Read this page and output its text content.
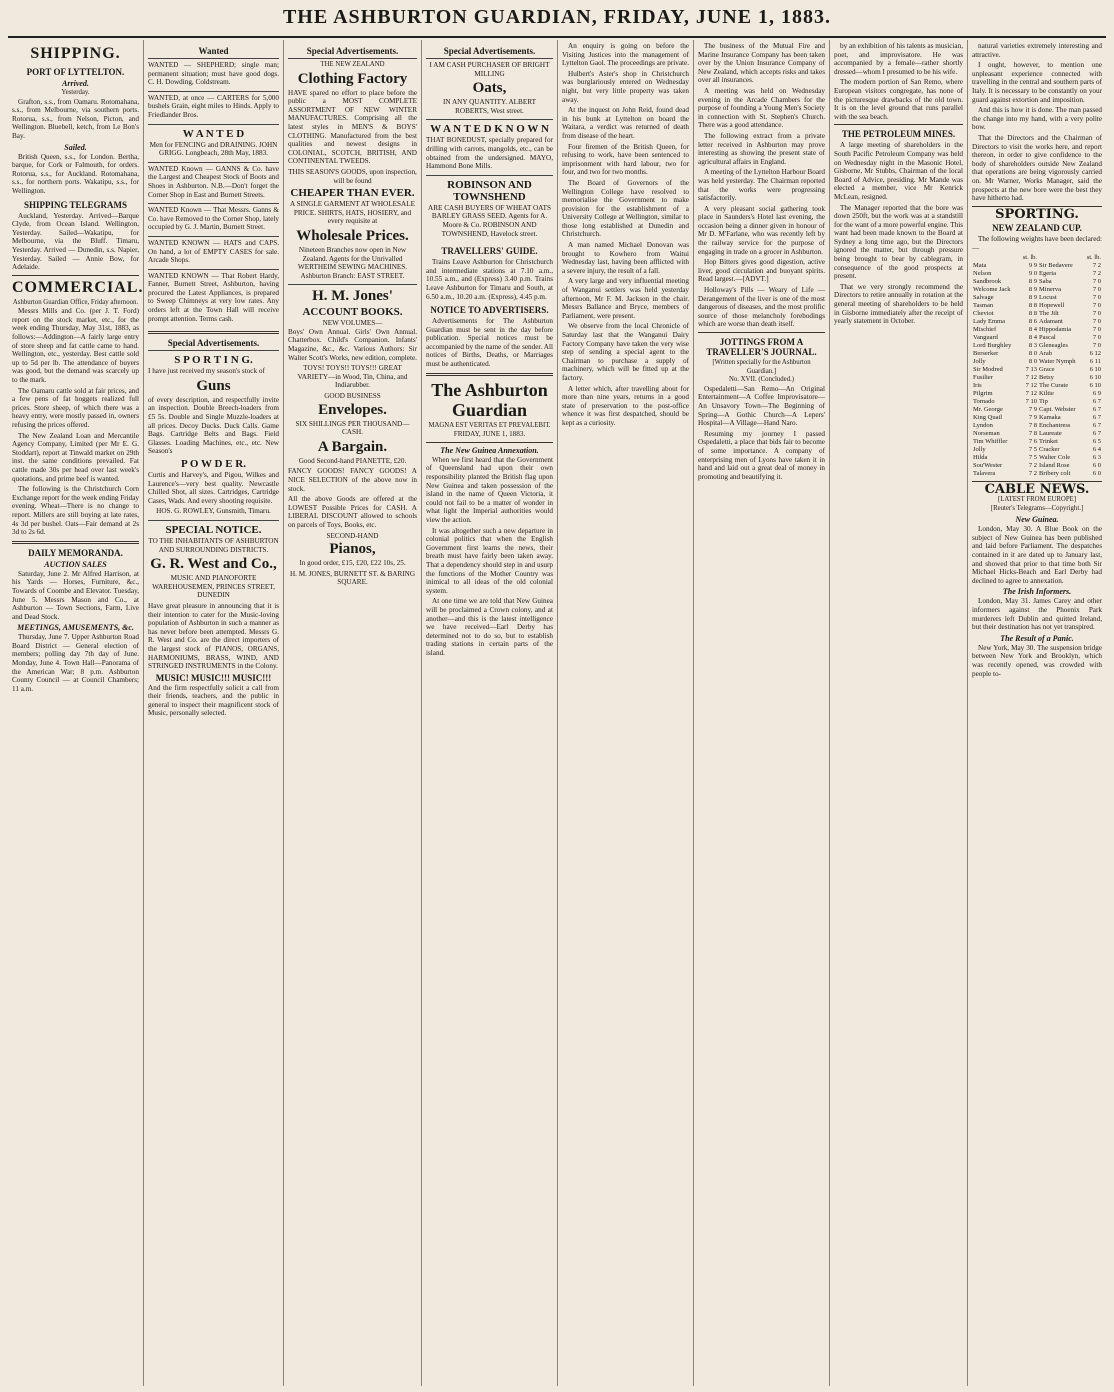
THE ASHBURTON GUARDIAN, FRIDAY, JUNE 1, 1883.
SHIPPING.
PORT OF LYTTELTON.
Arrived.
Yesterday.

Grafton, s.s., from Oamaru. Rotomahana, s.s., from Melbourne, via southern ports. Rotorua, s.s., from Nelson, Picton, and Wellington. Bluebell, ketch, from Le Bon's Bay.

Sailed.

British Queen, s.s., for London. Bertha, barque, for Cork or Falmouth, for orders. Rotorua, s.s., for Auckland. Rotomahana, s.s., for northern ports. Wakatipu, s.s., for Wellington.

SHIPPING TELEGRAMS

Auckland, Yesterday. Arrived—Barque Clyde, from Ocean Island. Wellington, Yesterday. Sailed—Wakatipu, for Melbourne, via the Bluff. Timaru, Yesterday. Arrived — Dunedin, s.s. Napier, Yesterday. Sailed — Annie Bow, for Adelaide.

COMMERCIAL.
Ashburton Guardian Office, Friday afternoon.

Messrs Mills and Co. (per J. T. Ford) report on the stock market, etc., for the week ending Thursday, May 31st, 1883, as follows:—Addington—A fairly large entry of store sheep and fat cattle came to hand. Wellington, etc., yesterday. Best cattle sold up to 5d per lb. The attendance of buyers was good, but the demand was scarcely up to the mark.

The Oamaru cattle sold at fair prices, and a few pens of fat hoggets realized full prices. Store sheep, of which there was a heavy entry, were mostly passed in, owners refusing the prices offered.

The New Zealand Loan and Mercantile Agency Company, Limited (per Mr E. G. Stoddart), report at Tinwald market on 29th inst. the same conditions prevailed. Fat cattle made 30s per head over last week's quotations, and prime beef is wanted.

The following is the Christchurch Corn Exchange report for the week ending Friday evening. Wheat—There is no change to report. Millers are still buying at late rates, 4s 3d per bushel. Oats—Fair demand at 2s 3d to 2s 6d.

DAILY MEMORANDA.
AUCTION SALES

Saturday, June 2. Mr Alfred Harrison, at his Yards — Horses, Furniture, &c., Towards of Coombe and Elevator. Tuesday, June 5. Messrs Mason and Co., at Ashburton — Town Sections, Farm, Live and Dead Stock.

MEETINGS, AMUSEMENTS, &c.

Thursday, June 7. Upper Ashburton Road Board District — General election of members; polling day 7th day of June. Monday, June 4. Town Hall—Panorama of the American War; 8 p.m. Ashburton County Council — at Council Chambers; 11 a.m.

Wanted

WANTED — SHEPHERD; single man; permanent situation; must have good dogs. C. H. Dowding, Coldstream.

WANTED, at once — CARTERS for 5,000 bushels Grain, eight miles to Hinds. Apply to Friedlander Bros.

W A N T E D

Men for FENCING and DRAINING. JOHN GRIGG. Longbeach, 28th May, 1883.

WANTED Known — GANNS & Co. have the Largest and Cheapest Stock of Boots and Shoes in Ashburton. N.B.—Don't forget the Corner Shop in East and Burnett Streets.

WANTED Known — That Messrs. Ganns & Co. have Removed to the Corner Shop, lately occupied by G. J. Martin, Burnett Street.

WANTED KNOWN — HATS and CAPS. On hand, a lot of EMPTY CASES for sale. Arcade Shops.

WANTED KNOWN — That Robert Hardy, Fanner, Burnett Street, Ashburton, having procured the Latest Appliances, is prepared to Sweep Chimneys at very low rates. Any orders left at the Town Hall will receive prompt attention. Terms cash.

Special Advertisements.
S P O R T I N G.

I have just received my season's stock of

Guns

of every description, and respectfully invite an inspection. Double Breech-loaders from £5 5s. Double and Single Muzzle-loaders at all prices. Decoy Ducks. Duck Calls. Game Bags. Cartridge Belts and Bags. Field Glasses. Loading Machines, etc., etc. New Season's

P O W D E R.

Curtis and Harvey's, and Pigou, Wilkes and Laurence's—very best quality. Newcastle Chilled Shot, all sizes. Cartridges, Cartridge Cases, Wads. And every shooting requisite.

HOS. G. ROWLEY, Gunsmith, Timaru.

SPECIAL NOTICE.

TO THE INHABITANTS OF ASHBURTON AND SURROUNDING DISTRICTS.

G. R. West and Co.,

MUSIC AND PIANOFORTE WAREHOUSEMEN, PRINCES STREET, DUNEDIN

Have great pleasure in announcing that it is their intention to cater for the Music-loving population of Ashburton in such a manner as has never before been attempted. Messrs G. R. West and Co. are the direct importers of the largest stock of PIANOS, ORGANS, HARMONIUMS, BRASS, WIND, AND STRINGED INSTRUMENTS in the Colony.

MUSIC! MUSIC!!! MUSIC!!!

And the firm respectfully solicit a call from their friends, teachers, and the public in general to inspect their magnificent stock of Music, personally selected.

Special Advertisements.
THE NEW ZEALAND
Clothing Factory

HAVE spared no effort to place before the public a MOST COMPLETE ASSORTMENT OF NEW WINTER MANUFACTURES. Comprising all the latest styles in MEN'S & BOYS' CLOTHING. Manufactured from the best qualities and newest designs in COLONIAL, SCOTCH, BRITISH, AND CONTINENTAL TWEEDS.

THIS SEASON'S GOODS, upon inspection, will be found

CHEAPER THAN EVER.

A SINGLE GARMENT AT WHOLESALE PRICE. SHIRTS, HATS, HOSIERY, and every requisite at

Wholesale Prices.

Nineteen Branches now open in New Zealand. Agents for the Unrivalled WERTHEIM SEWING MACHINES. Ashburton Branch: EAST STREET.

H. M. Jones'
ACCOUNT BOOKS.
NEW VOLUMES—

Boys' Own Annual. Girls' Own Annual. Chatterbox. Child's Companion. Infants' Magazine, &c., &c. Various Authors: Sir Walter Scott's Works, new edition, complete.

TOYS! TOYS!! TOYS!!! GREAT VARIETY—in Wood, Tin, China, and Indiarubber.

GOOD BUSINESS
Envelopes.

SIX SHILLINGS PER THOUSAND—CASH.

A Bargain.

Good Second-hand PIANETTE, £20.

FANCY GOODS! FANCY GOODS! A NICE SELECTION of the above now in stock.

All the above Goods are offered at the LOWEST Possible Prices for CASH. A LIBERAL DISCOUNT allowed to schools on parcels of Toys, Books, etc.

SECOND-HAND
Pianos,

In good order, £15, £20, £22 10s, 25.

H. M. JONES, BURNETT ST. & BARING SQUARE.

Special Advertisements.

I AM CASH PURCHASER OF BRIGHT MILLING

Oats,

IN ANY QUANTITY. ALBERT ROBERTS, West street.

W A N T E D K N O W N

THAT BONEDUST, specially prepared for drilling with carrots, mangolds, etc., can be obtained from the undersigned. MAYO, Hammond Bone Mills.

ROBINSON AND TOWNSHEND

ARE CASH BUYERS OF WHEAT OATS BARLEY GRASS SEED. Agents for A. Moore & Co. ROBINSON AND TOWNSHEND, Havelock street.

TRAVELLERS' GUIDE.

Trains Leave Ashburton for Christchurch and intermediate stations at 7.10 a.m., 10.55 a.m., and (Express) 3.40 p.m. Trains Leave Ashburton for Timaru and South, at 6.50 a.m., 10.20 a.m. (Express), 4.45 p.m.

NOTICE TO ADVERTISERS.

Advertisements for The Ashburton Guardian must be sent in the day before publication. Special notices must be accompanied by the name of the sender. All notices of Births, Deaths, or Marriages must be authenticated.

The Ashburton Guardian
MAGNA EST VERITAS ET PREVALEBIT.
FRIDAY, JUNE 1, 1883.
The New Guinea Annexation.

When we first heard that the Government of Queensland had upon their own responsibility planted the British flag upon New Guinea and taken possession of the island in the name of Queen Victoria, it could not fail to be a matter of wonder in what light the Imperial authorities would view the action.

It was altogether such a new departure in colonial politics that when the English Government first learns the news, their breath must have fairly been taken away. That a dependency should step in and usurp the functions of the Mother Country was inimical to all ideas of the old colonial system.

At one time we are told that New Guinea will be proclaimed a Crown colony, and at another—and this is the latest intelligence we have received—Earl Derby has determined not to do so, but to establish trading stations in certain parts of the island.

An enquiry is going on before the Visiting Justices into the management of Lyttelton Gaol. The proceedings are private.

Hulbert's Aster's shop in Christchurch was burglariously entered on Wednesday night, but very little property was taken away.

At the inquest on John Reid, found dead in his bunk at Lyttelton on board the Waitara, a verdict was returned of death from disease of the heart.

Four firemen of the British Queen, for refusing to work, have been sentenced to imprisonment with hard labour, two for four, and two for two months.

The Board of Governors of the Wellington College have resolved to memorialise the Government to make provision for the establishment of a University College at Wellington, similar to those long established at Dunedin and Christchurch.

A man named Michael Donovan was brought to Kowhero from Waitui Wednesday last, having been afflicted with a severe injury, the result of a fall.

A very large and very influential meeting of Wanganui settlers was held yesterday afternoon, Mr F. M. Jackson in the chair. Messrs Ballance and Bryce, members of Parliament, were present.

We observe from the local Chronicle of Saturday last that the Wanganui Dairy Factory Company have taken the very wise step of sending a special agent to the Chairman to purchase a supply of machinery, which will be fitted up at the factory.

A letter which, after travelling about for more than nine years, returns in a good state of preservation to the post-office whence it was first despatched, should be kept as a curiosity.

The business of the Mutual Fire and Marine Insurance Company has been taken over by the Union Insurance Company of New Zealand, which accepts risks and takes over all insurances.

A meeting was held on Wednesday evening in the Arcade Chambers for the purpose of founding a Young Men's Society in connection with St. Stephen's Church. There was a good attendance.

The following extract from a private letter received in Ashburton may prove interesting as showing the present state of agricultural affairs in England.

A meeting of the Lyttelton Harbour Board was held yesterday. The Chairman reported that the works were progressing satisfactorily.

A very pleasant social gathering took place in Saunders's Hotel last evening, the occasion being a dinner given in honour of Mr D. M'Farlane, who was recently left by the railway service for the purpose of engaging in trade on a grocer in Ashburton.

Hop Bitters gives good digestion, active liver, good circulation and buoyant spirits. Read largest.—[ADVT.]

Holloway's Pills — Weary of Life — Derangement of the liver is one of the most dangerous of diseases, and the most prolific source of those melancholy forebodings which are worse than death itself.

JOTTINGS FROM A TRAVELLER'S JOURNAL.
[Written specially for the Ashburton Guardian.]
No. XVII. (Concluded.)

Ospedaletti—San Remo—An Original Entertainment—A Coffee Improvisatore—An Unsavory Town—The Beginning of Spring—A Gothic Church—A Lepers' Hospital—A Village—Hand Naro.

Resuming my journey I passed Ospedaletti, a place that bids fair to become of some importance. A company of enterprising men of Lyons have taken it in hand and laid out a great deal of money in promoting and beautifying it.

by an exhibition of his talents as musician, poet, and improvisatore. He was accompanied by a female—rather shortly dressed—whom I presumed to be his wife.

The modern portion of San Remo, where European visitors congregate, has none of the picturesque drawbacks of the old town. It is on the level ground that runs parallel with the sea beach.

THE PETROLEUM MINES.

A large meeting of shareholders in the South Pacific Petroleum Company was held on Wednesday night in the Masonic Hotel, Gisborne, Mr Stubbs, Chairman of the local Board of Advice, presiding. Mr Mande was elected a member, vice Mr Kenrick McLean, resigned.

The Manager reported that the bore was down 250ft, but the work was at a standstill for the want of a more powerful engine. This want had been made known to the Board at Sydney a long time ago, but the Directors ignored the matter, but through pressure being brought to bear by cablegram, in consequence of the good prospects at present.

That we very strongly recommend the Directors to retire annually in rotation at the general meeting of shareholders to be held in Gisborne immediately after the receipt of yearly statement in October.

natural varieties extremely interesting and attractive.

I ought, however, to mention one unpleasant experience connected with travelling in the central and southern parts of Italy. It is necessary to be constantly on your guard against extortion and imposition.

And this is how it is done. The man passed the change into my hand, with a very polite bow.

That the Directors and the Chairman of Directors to visit the works here, and report thereon, in order to give confidence to the body of shareholders outside New Zealand that operations are being vigorously carried on. Mr Warner, Works Manager, said the prospects at the new bore were the best they have hitherto had.

SPORTING.
NEW ZEALAND CUP.

The following weights have been declared:—

	st. lb.		st. lb.
Mata	9 9	Sir Bedavere	7 2
Nelson	9 0	Egeria	7 2
Sandbrook	8 9	Saba	7 0
Welcome Jack	8 9	Minerva	7 0
Salvage	8 9	Locust	7 0
Tasman	8 8	Hopewell	7 0
Cheviot	8 8	The Jilt	7 0
Lady Emma	8 6	Adamant	7 0
Mischief	8 4	Hippodamia	7 0
Vanguard	8 4	Pascal	7 0
Lord Burghley	8 3	Gleneagles	7 0
Berserker	8 0	Arab	6 12
Jolly	8 0	Water Nymph	6 11
Sir Modred	7 13	Grace	6 10
Fusilier	7 12	Betsy	6 10
Iris	7 12	The Curate	6 10
Pilgrim	7 12	Kiltie	6 9
Tornado	7 10	Tip	6 7
Mr. George	7 9	Capt. Webster	6 7
King Quail	7 9	Kamaka	6 7
Lyndon	7 8	Enchantress	6 7
Norseman	7 8	Laureate	6 7
Tim Whiffler	7 6	Trinket	6 5
Jolly	7 5	Cracker	6 4
Hilda	7 5	Walter Cole	6 3
Sou'Wester	7 2	Island Rose	6 0
Talavera	7 2	Bribery colt	6 0
CABLE NEWS.
[LATEST FROM EUROPE]
[Reuter's Telegrams—Copyright.]
New Guinea.

London, May 30. A Blue Book on the subject of New Guinea has been published and laid before Parliament. The despatches contained in it are dated up to January last, and showed that prior to that time both Sir Michael Hicks-Beach and Earl Derby had declined to agree to annexation.

The Irish Informers.

London, May 31. James Carey and other informers against the Phoenix Park murderers left Dublin and quitted Ireland, but their destination has not yet transpired.

The Result of a Panic.

New York, May 30. The suspension bridge between New York and Brooklyn, which was recently opened, was crowded with people to-
